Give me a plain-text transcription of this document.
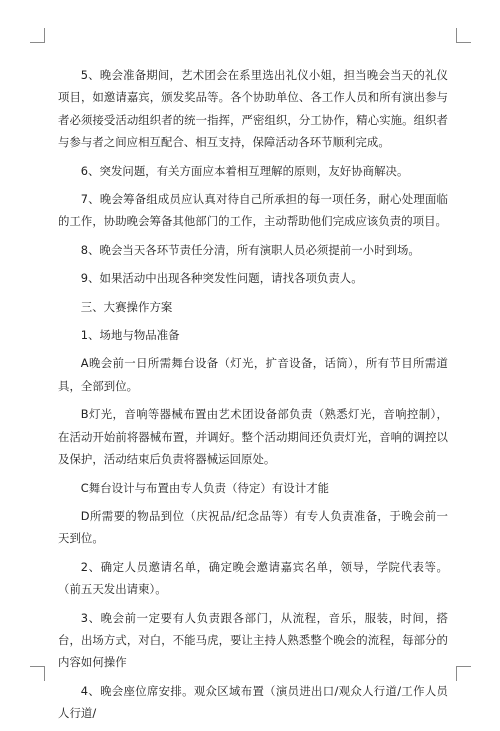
5、晚会准备期间，艺术团会在系里选出礼仪小姐，担当晚会当天的礼仪项目，如邀请嘉宾，颁发奖品等。各个协助单位、各工作人员和所有演出参与者必须接受活动组织者的统一指挥，严密组织，分工协作，精心实施。组织者与参与者之间应相互配合、相互支持，保障活动各环节顺利完成。

6、突发问题，有关方面应本着相互理解的原则，友好协商解决。

7、晚会筹备组成员应认真对待自己所承担的每一项任务，耐心处理面临的工作，协助晚会筹备其他部门的工作，主动帮助他们完成应该负责的项目。

8、晚会当天各环节责任分清，所有演职人员必须提前一小时到场。

9、如果活动中出现各种突发性问题，请找各项负责人。

三、大赛操作方案

1、场地与物品准备

A晚会前一日所需舞台设备（灯光，扩音设备，话筒），所有节目所需道具，全部到位。

B灯光，音响等器械布置由艺术团设备部负责（熟悉灯光，音响控制），在活动开始前将器械布置，并调好。整个活动期间还负责灯光，音响的调控以及保护，活动结束后负责将器械运回原处。

C舞台设计与布置由专人负责（待定）有设计才能

D所需要的物品到位（庆祝品/纪念品等）有专人负责准备，于晚会前一天到位。

2、确定人员邀请名单，确定晚会邀请嘉宾名单，领导，学院代表等。（前五天发出请柬）。

3、晚会前一定要有人负责跟各部门，从流程，音乐，服装，时间，搭台，出场方式，对白，不能马虎，要让主持人熟悉整个晚会的流程，每部分的内容如何操作

4、晚会座位席安排。观众区域布置（演员进出口/观众人行道/工作人员人行道/
